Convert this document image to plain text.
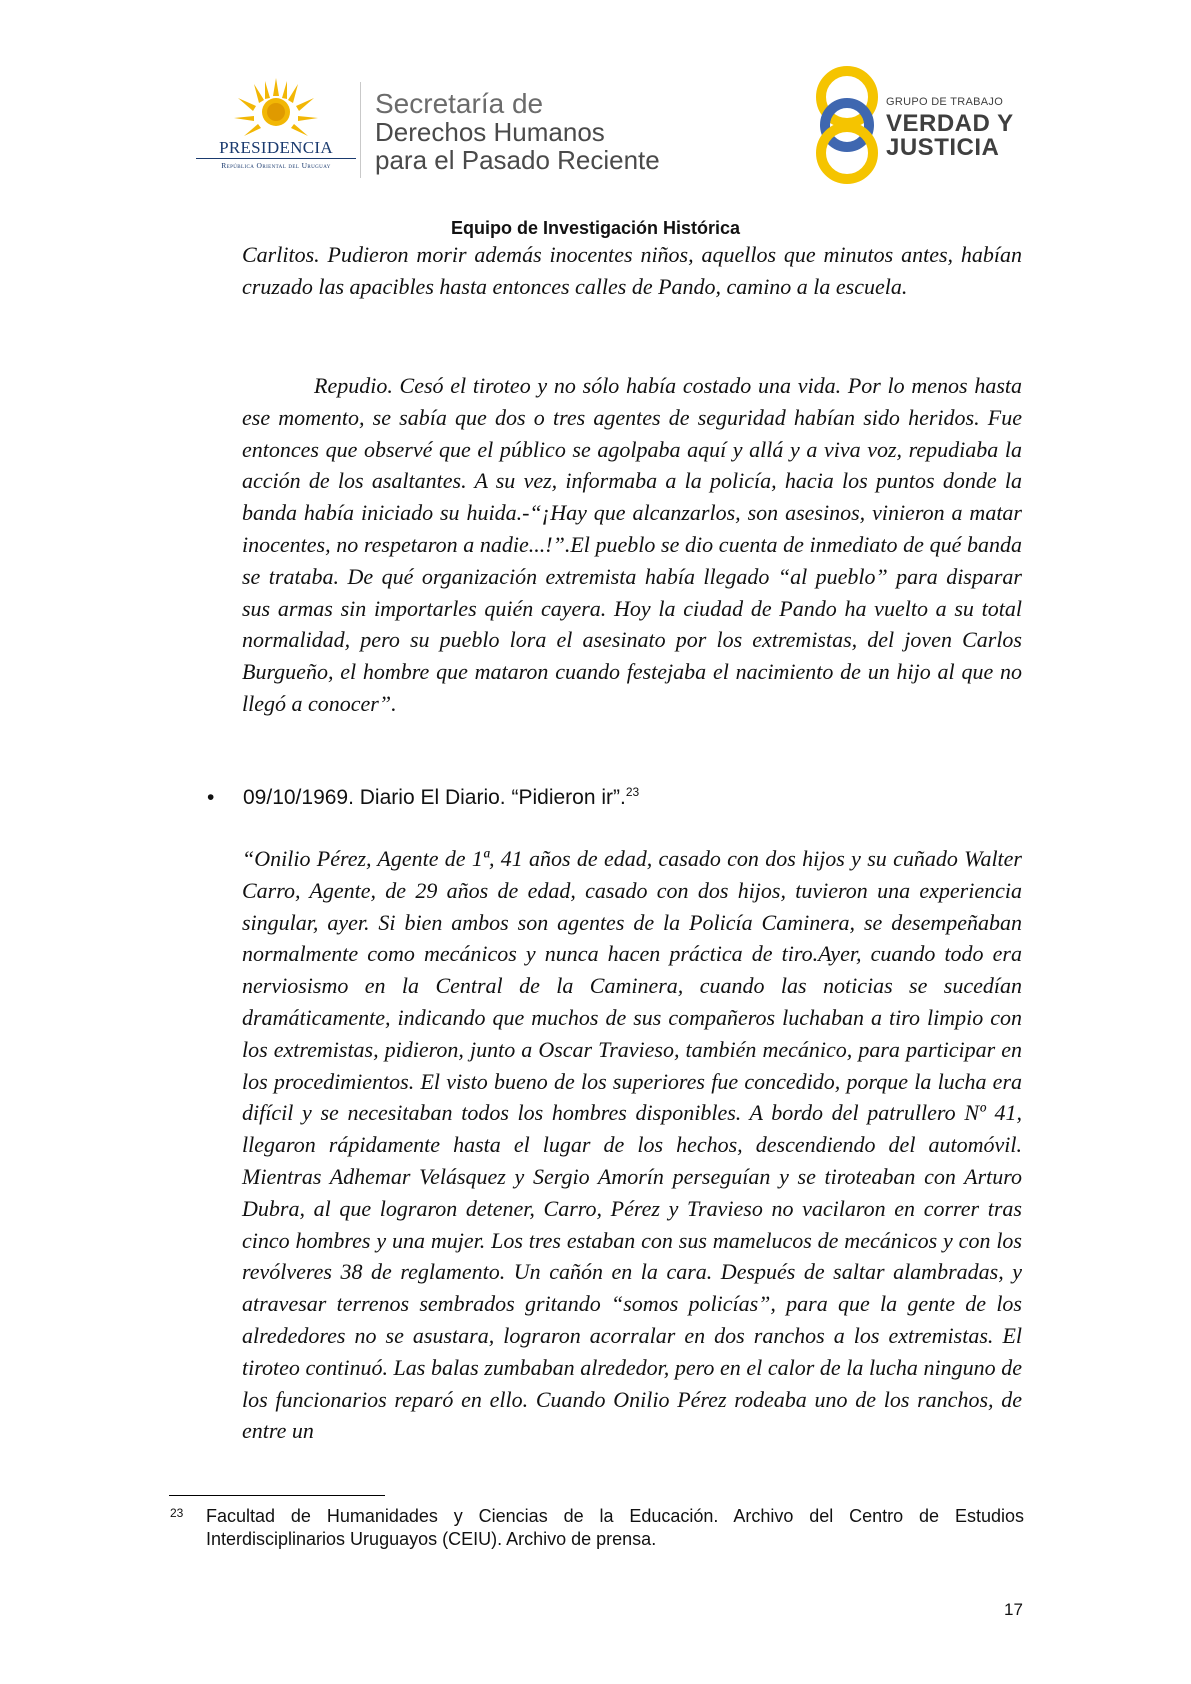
PRESIDENCIA
República Oriental del Uruguay
Secretaría de
Derechos Humanos
para el Pasado Reciente
GRUPO DE TRABAJO
VERDAD Y
JUSTICIA
Equipo de Investigación Histórica

Carlitos. Pudieron morir además inocentes niños, aquellos que minutos antes, habían cruzado las apacibles hasta entonces calles de Pando, camino a la escuela.

Repudio. Cesó el tiroteo y no sólo había costado una vida. Por lo menos hasta ese momento, se sabía que dos o tres agentes de seguridad habían sido heridos. Fue entonces que observé que el público se agolpaba aquí y allá y a viva voz, repudiaba la acción de los asaltantes. A su vez, informaba a la policía, hacia los puntos donde la banda había iniciado su huida.-“¡Hay que alcanzarlos, son asesinos, vinieron a matar inocentes, no respetaron a nadie...!”.El pueblo se dio cuenta de inmediato de qué banda se trataba. De qué organización extremista había llegado “al pueblo” para disparar sus armas sin importarles quién cayera. Hoy la ciudad de Pando ha vuelto a su total normalidad, pero su pueblo lora el asesinato por los extremistas, del joven Carlos Burgueño, el hombre que mataron cuando festejaba el nacimiento de un hijo al que no llegó a conocer”.

• 09/10/1969. Diario El Diario. “Pidieron ir”.$^{23}$

“Onilio Pérez, Agente de 1ª, 41 años de edad, casado con dos hijos y su cuñado Walter Carro, Agente, de 29 años de edad, casado con dos hijos, tuvieron una experiencia singular, ayer. Si bien ambos son agentes de la Policía Caminera, se desempeñaban normalmente como mecánicos y nunca hacen práctica de tiro.Ayer, cuando todo era nerviosismo en la Central de la Caminera, cuando las noticias se sucedían dramáticamente, indicando que muchos de sus compañeros luchaban a tiro limpio con los extremistas, pidieron, junto a Oscar Travieso, también mecánico, para participar en los procedimientos. El visto bueno de los superiores fue concedido, porque la lucha era difícil y se necesitaban todos los hombres disponibles. A bordo del patrullero Nº 41, llegaron rápidamente hasta el lugar de los hechos, descendiendo del automóvil. Mientras Adhemar Velásquez y Sergio Amorín perseguían y se tiroteaban con Arturo Dubra, al que lograron detener, Carro, Pérez y Travieso no vacilaron en correr tras cinco hombres y una mujer. Los tres estaban con sus mamelucos de mecánicos y con los revólveres 38 de reglamento. Un cañón en la cara. Después de saltar alambradas, y atravesar terrenos sembrados gritando “somos policías”, para que la gente de los alrededores no se asustara, lograron acorralar en dos ranchos a los extremistas. El tiroteo continuó. Las balas zumbaban alrededor, pero en el calor de la lucha ninguno de los funcionarios reparó en ello. Cuando Onilio Pérez rodeaba uno de los ranchos, de entre un

23 Facultad de Humanidades y Ciencias de la Educación. Archivo del Centro de Estudios Interdisciplinarios Uruguayos (CEIU). Archivo de prensa.

17
